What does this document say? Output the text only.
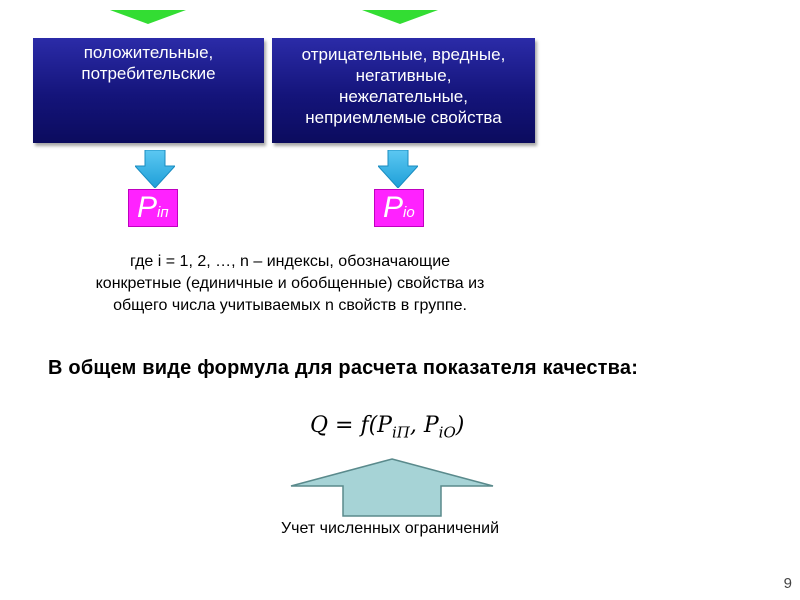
положительные,
потребительские
отрицательные, вредные,
негативные,
нежелательные,
неприемлемые свойства
Piп	Piо
где i = 1, 2, …, n – индексы, обозначающие
конкретные (единичные и обобщенные) свойства из
общего числа учитываемых n свойств в группе.
В общем виде формула для расчета показателя качества:
$Q = f(P_{iП}$, $P_{iO}$)
Учет численных ограничений
9
